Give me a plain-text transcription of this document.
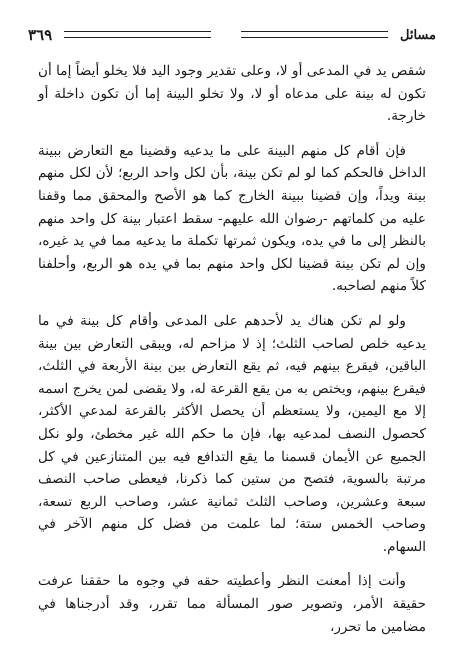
مسائل
٣٦٩

شقص يد في المدعى أو لا، وعلى تقدير وجود اليد فلا يخلو أيضاً إما أن تكون له بينة على مدعاه أو لا، ولا تخلو البينة إما أن تكون داخلة أو خارجة.

فإن أقام كل منهم البينة على ما يدعيه وقضينا مع التعارض ببينة الداخل فالحكم كما لو لم تكن بينة، بأن لكل واحد الربع؛ لأن لكل منهم بينة ويداً، وإن قضينا ببينة الخارج كما هو الأصح والمحقق مما وقفنا عليه من كلماتهم -رضوان الله عليهم- سقط اعتبار بينة كل واحد منهم بالنظر إلى ما في يده، ويكون ثمرتها تكملة ما يدعيه مما في يد غيره، وإن لم تكن بينة قضينا لكل واحد منهم بما في يده هو الربع، وأحلفنا كلاً منهم لصاحبه.

ولو لم تكن هناك يد لأحدهم على المدعى وأقام كل بينة في ما يدعيه خلص لصاحب الثلث؛ إذ لا مزاحم له، ويبقى التعارض بين بينة الباقين، فيقرع بينهم فيه، ثم يقع التعارض بين بينة الأربعة في الثلث، فيقرع بينهم، ويختص به من يقع القرعة له، ولا يقضى لمن يخرج اسمه إلا مع اليمين، ولا يستعظم أن يحصل الأكثر بالقرعة لمدعي الأكثر، كحصول النصف لمدعيه بها، فإن ما حكم الله غير مخطئ، ولو نكل الجميع عن الأيمان قسمنا ما يقع التدافع فيه بين المتنازعين في كل مرتبة بالسوية، فتصح من ستين كما ذكرنا، فيعطى صاحب النصف سبعة وعشرين، وصاحب الثلث ثمانية عشر، وصاحب الربع تسعة، وصاحب الخمس ستة؛ لما علمت من فضل كل منهم الآخر في السهام.

وأنت إذا أمعنت النظر وأعطيته حقه في وجوه ما حققنا عرفت حقيقة الأمر، وتصوير صور المسألة مما تقرر، وقد أدرجناها في مضامين ما تحرر،
